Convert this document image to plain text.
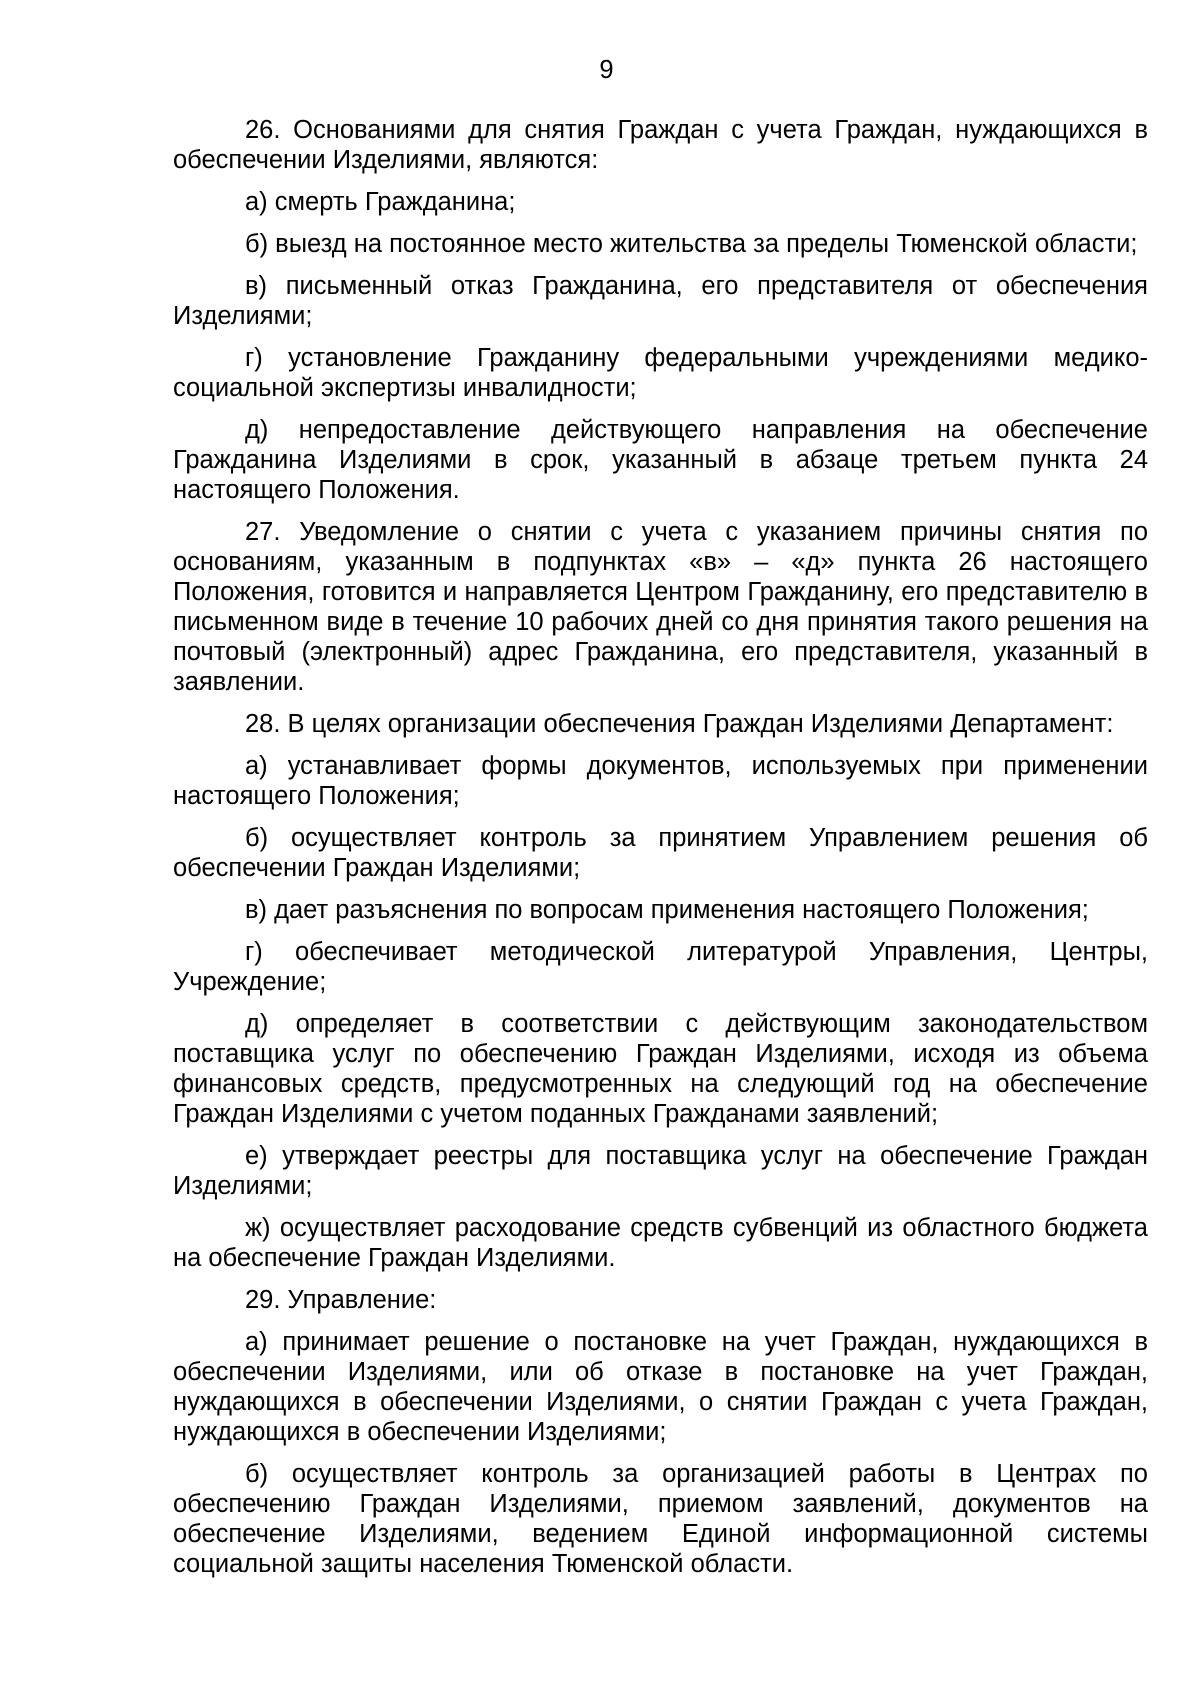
9

26. Основаниями для снятия Граждан с учета Граждан, нуждающихся в обеспечении Изделиями, являются:

а) смерть Гражданина;

б) выезд на постоянное место жительства за пределы Тюменской области;

в) письменный отказ Гражданина, его представителя от обеспечения Изделиями;

г) установление Гражданину федеральными учреждениями медико-социальной экспертизы инвалидности;

д) непредоставление действующего направления на обеспечение Гражданина Изделиями в срок, указанный в абзаце третьем пункта 24 настоящего Положения.

27. Уведомление о снятии с учета с указанием причины снятия по основаниям, указанным в подпунктах «в» – «д» пункта 26 настоящего Положения, готовится и направляется Центром Гражданину, его представителю в письменном виде в течение 10 рабочих дней со дня принятия такого решения на почтовый (электронный) адрес Гражданина, его представителя, указанный в заявлении.

28. В целях организации обеспечения Граждан Изделиями Департамент:

а) устанавливает формы документов, используемых при применении настоящего Положения;

б) осуществляет контроль за принятием Управлением решения об обеспечении Граждан Изделиями;

в) дает разъяснения по вопросам применения настоящего Положения;

г) обеспечивает методической литературой Управления, Центры, Учреждение;

д) определяет в соответствии с действующим законодательством поставщика услуг по обеспечению Граждан Изделиями, исходя из объема финансовых средств, предусмотренных на следующий год на обеспечение Граждан Изделиями с учетом поданных Гражданами заявлений;

е) утверждает реестры для поставщика услуг на обеспечение Граждан Изделиями;

ж) осуществляет расходование средств субвенций из областного бюджета на обеспечение Граждан Изделиями.

29. Управление:

а) принимает решение о постановке на учет Граждан, нуждающихся в обеспечении Изделиями, или об отказе в постановке на учет Граждан, нуждающихся в обеспечении Изделиями, о снятии Граждан с учета Граждан, нуждающихся в обеспечении Изделиями;

б) осуществляет контроль за организацией работы в Центрах по обеспечению Граждан Изделиями, приемом заявлений, документов на обеспечение Изделиями, ведением Единой информационной системы социальной защиты населения Тюменской области.
